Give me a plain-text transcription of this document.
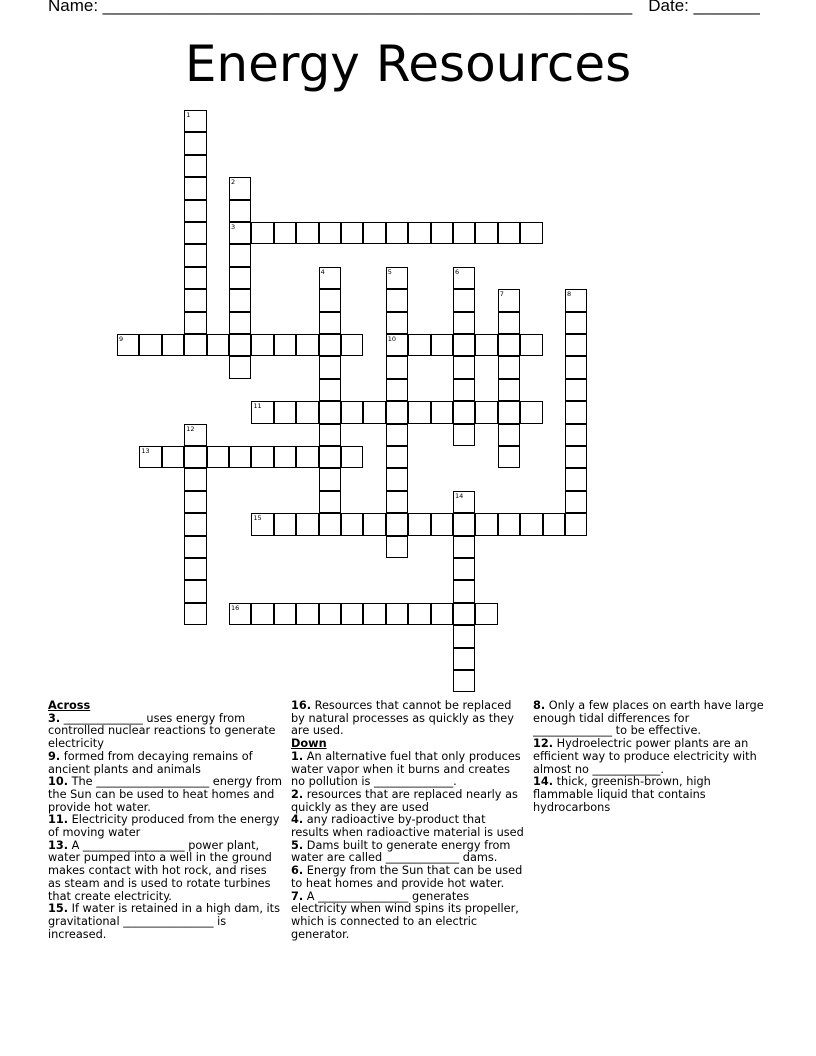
Name: ________________________________________________________ Date: _______
Energy Resources
1
2
3
4	5
10
6
7	8
9
11
12
13
14
15
16
Across
3. ______________ uses energy from controlled nuclear reactions to generate electricity
9. formed from decaying remains of ancient plants and animals
10. The ____________________ energy from the Sun can be used to heat homes and provide hot water.
11. Electricity produced from the energy of moving water
13. A __________________ power plant, water pumped into a well in the ground makes contact with hot rock, and rises as steam and is used to rotate turbines that create electricity.
15. If water is retained in a high dam, its gravitational ________________ is increased.
16. Resources that cannot be replaced by natural processes as quickly as they are used.
Down
1. An alternative fuel that only produces water vapor when it burns and creates no pollution is ______________.
2. resources that are replaced nearly as quickly as they are used
4. any radioactive by-product that results when radioactive material is used
5. Dams built to generate energy from water are called _____________ dams.
6. Energy from the Sun that can be used to heat homes and provide hot water.
7. A ________________ generates electricity when wind spins its propeller, which is connected to an electric generator.
8. Only a few places on earth have large enough tidal differences for ______________ to be effective.
12. Hydroelectric power plants are an efficient way to produce electricity with almost no ____________.
14. thick, greenish-brown, high flammable liquid that contains hydrocarbons
